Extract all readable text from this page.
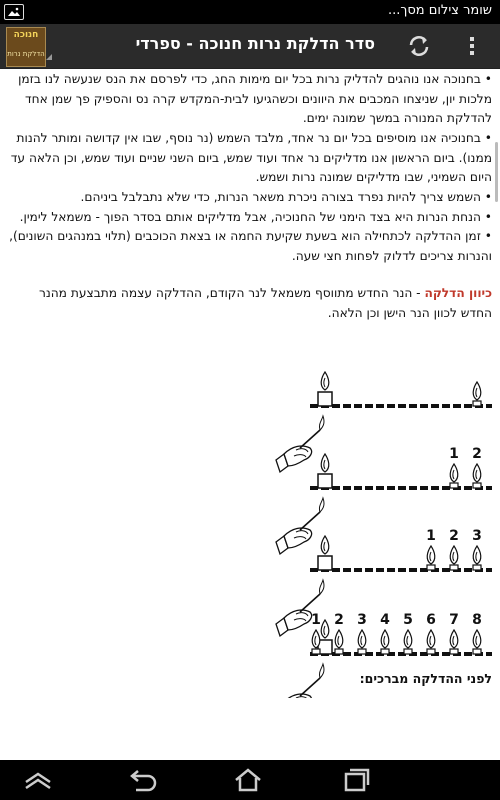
שומר צילום מסך...
חנוכה
הדלקת נרות
סדר הדלקת נרות חנוכה - ספרדי
• בחנוכה אנו נוהגים להדליק נרות בכל יום מימות החג, כדי לפרסם את הנס שנעשה לנו בזמן מלכות יון, שניצחו המכבים את היוונים וכשהגיעו לבית-המקדש קרה נס והספיק פך שמן אחד להדלקת המנורה במשך שמונה ימים.
• בחנוכיה אנו מוסיפים בכל יום נר אחד, מלבד השמש (נר נוסף, שבו אין קדושה ומותר להנות ממנו). ביום הראשון אנו מדליקים נר אחד ועוד שמש, ביום השני שניים ועוד שמש, וכן הלאה עד היום השמיני, שבו מדליקים שמונה נרות ושמש.
• השמש צריך להיות נפרד בצורה ניכרת משאר הנרות, כדי שלא נתבלבל ביניהם.
• הנחת הנרות היא בצד הימני של החנוכיה, אבל מדליקים אותם בסדר הפוך - משמאל לימין.
• זמן ההדלקה לכתחילה הוא בשעת שקיעת החמה או בצאת הכוכבים (תלוי במנהגים השונים), והנרות צריכים לדלוק לפחות חצי שעה.
כיוון הדלקה - הנר החדש מתווסף משמאל לנר הקודם, ההדלקה עצמה מתבצעת מהנר החדש לכוון הנר הישן וכן הלאה.
1 2
1 2 3
1 2 3 4 5 6 7 8
לפני ההדלקה מברכים:
